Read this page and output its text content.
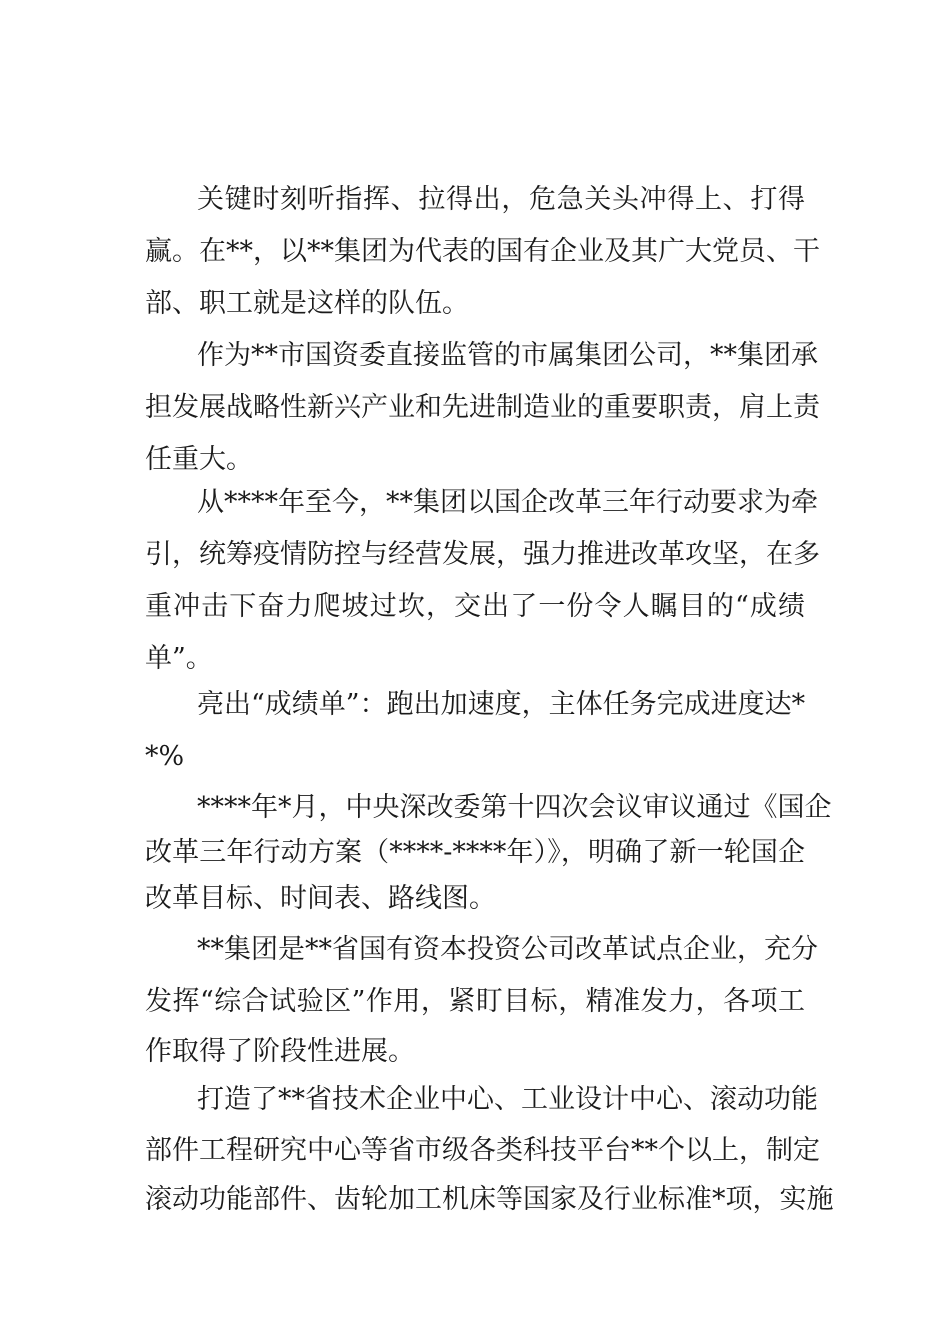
关键时刻听指挥、拉得出，危急关头冲得上、打得
赢。在**，以**集团为代表的国有企业及其广大党员、干
部、职工就是这样的队伍。
作为**市国资委直接监管的市属集团公司，**集团承
担发展战略性新兴产业和先进制造业的重要职责，肩上责
任重大。
从****年至今，**集团以国企改革三年行动要求为牵
引，统筹疫情防控与经营发展，强力推进改革攻坚，在多
重冲击下奋力爬坡过坎，交出了一份令人瞩目的“成绩
单”。
亮出“成绩单”：跑出加速度，主体任务完成进度达*
*%
****年*月，中央深改委第十四次会议审议通过《国企
改革三年行动方案（****-****年）》，明确了新一轮国企
改革目标、时间表、路线图。
**集团是**省国有资本投资公司改革试点企业，充分
发挥“综合试验区”作用，紧盯目标，精准发力，各项工
作取得了阶段性进展。
打造了**省技术企业中心、工业设计中心、滚动功能
部件工程研究中心等省市级各类科技平台**个以上，制定
滚动功能部件、齿轮加工机床等国家及行业标准*项，实施
